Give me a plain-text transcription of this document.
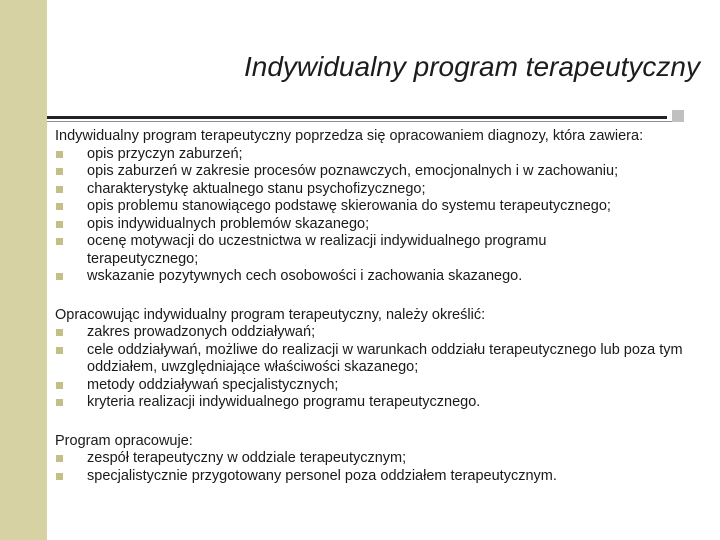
Indywidualny program terapeutyczny

Indywidualny program terapeutyczny poprzedza się opracowaniem diagnozy, która zawiera:

opis przyczyn zaburzeń;
opis zaburzeń w zakresie procesów poznawczych, emocjonalnych i w zachowaniu;
charakterystykę aktualnego stanu psychofizycznego;
opis problemu stanowiącego podstawę skierowania do systemu terapeutycznego;
opis indywidualnych problemów skazanego;
ocenę motywacji do uczestnictwa w realizacji indywidualnego programu terapeutycznego;
wskazanie pozytywnych cech osobowości i zachowania skazanego.

Opracowując indywidualny program terapeutyczny, należy określić:

zakres prowadzonych oddziaływań;
cele oddziaływań, możliwe do realizacji w warunkach oddziału terapeutycznego lub poza tym oddziałem, uwzględniające właściwości skazanego;
metody oddziaływań specjalistycznych;
kryteria realizacji indywidualnego programu terapeutycznego.

Program opracowuje:

zespół terapeutyczny w oddziale terapeutycznym;
specjalistycznie przygotowany personel poza oddziałem terapeutycznym.
